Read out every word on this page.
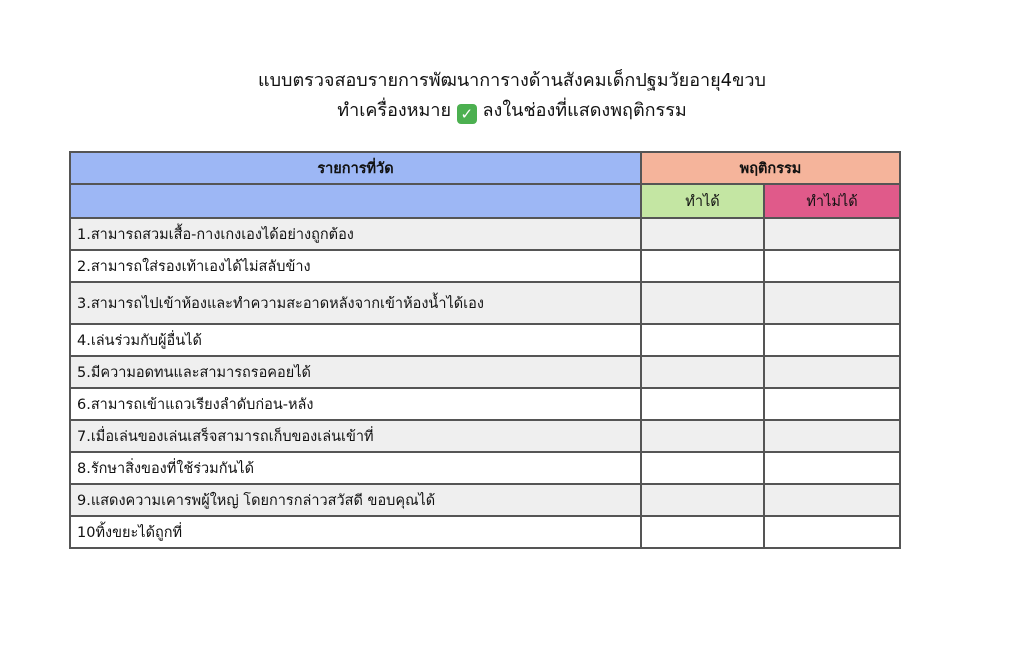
แบบตรวจสอบรายการพัฒนาการางด้านสังคมเด็กปฐมวัยอายุ4ขวบ
ทำเครื่องหมาย ✓ ลงในช่องที่แสดงพฤติกรรม
รายการที่วัด	พฤติกรรม	
	ทำได้	ทำไม่ได้
1.สามารถสวมเสื้อ-กางเกงเองได้อย่างถูกต้อง		
2.สามารถใส่รองเท้าเองได้ไม่สลับข้าง		
3.สามารถไปเข้าห้องและทำความสะอาดหลังจากเข้าห้องน้ำได้เอง		
4.เล่นร่วมกับผู้อื่นได้		
5.มีความอดทนและสามารถรอคอยได้		
6.สามารถเข้าแถวเรียงลำดับก่อน-หลัง		
7.เมื่อเล่นของเล่นเสร็จสามารถเก็บของเล่นเข้าที่		
8.รักษาสิ่งของที่ใช้ร่วมกันได้		
9.แสดงความเคารพผู้ใหญ่ โดยการกล่าวสวัสดี ขอบคุณได้		
10ทิ้งขยะได้ถูกที่		
